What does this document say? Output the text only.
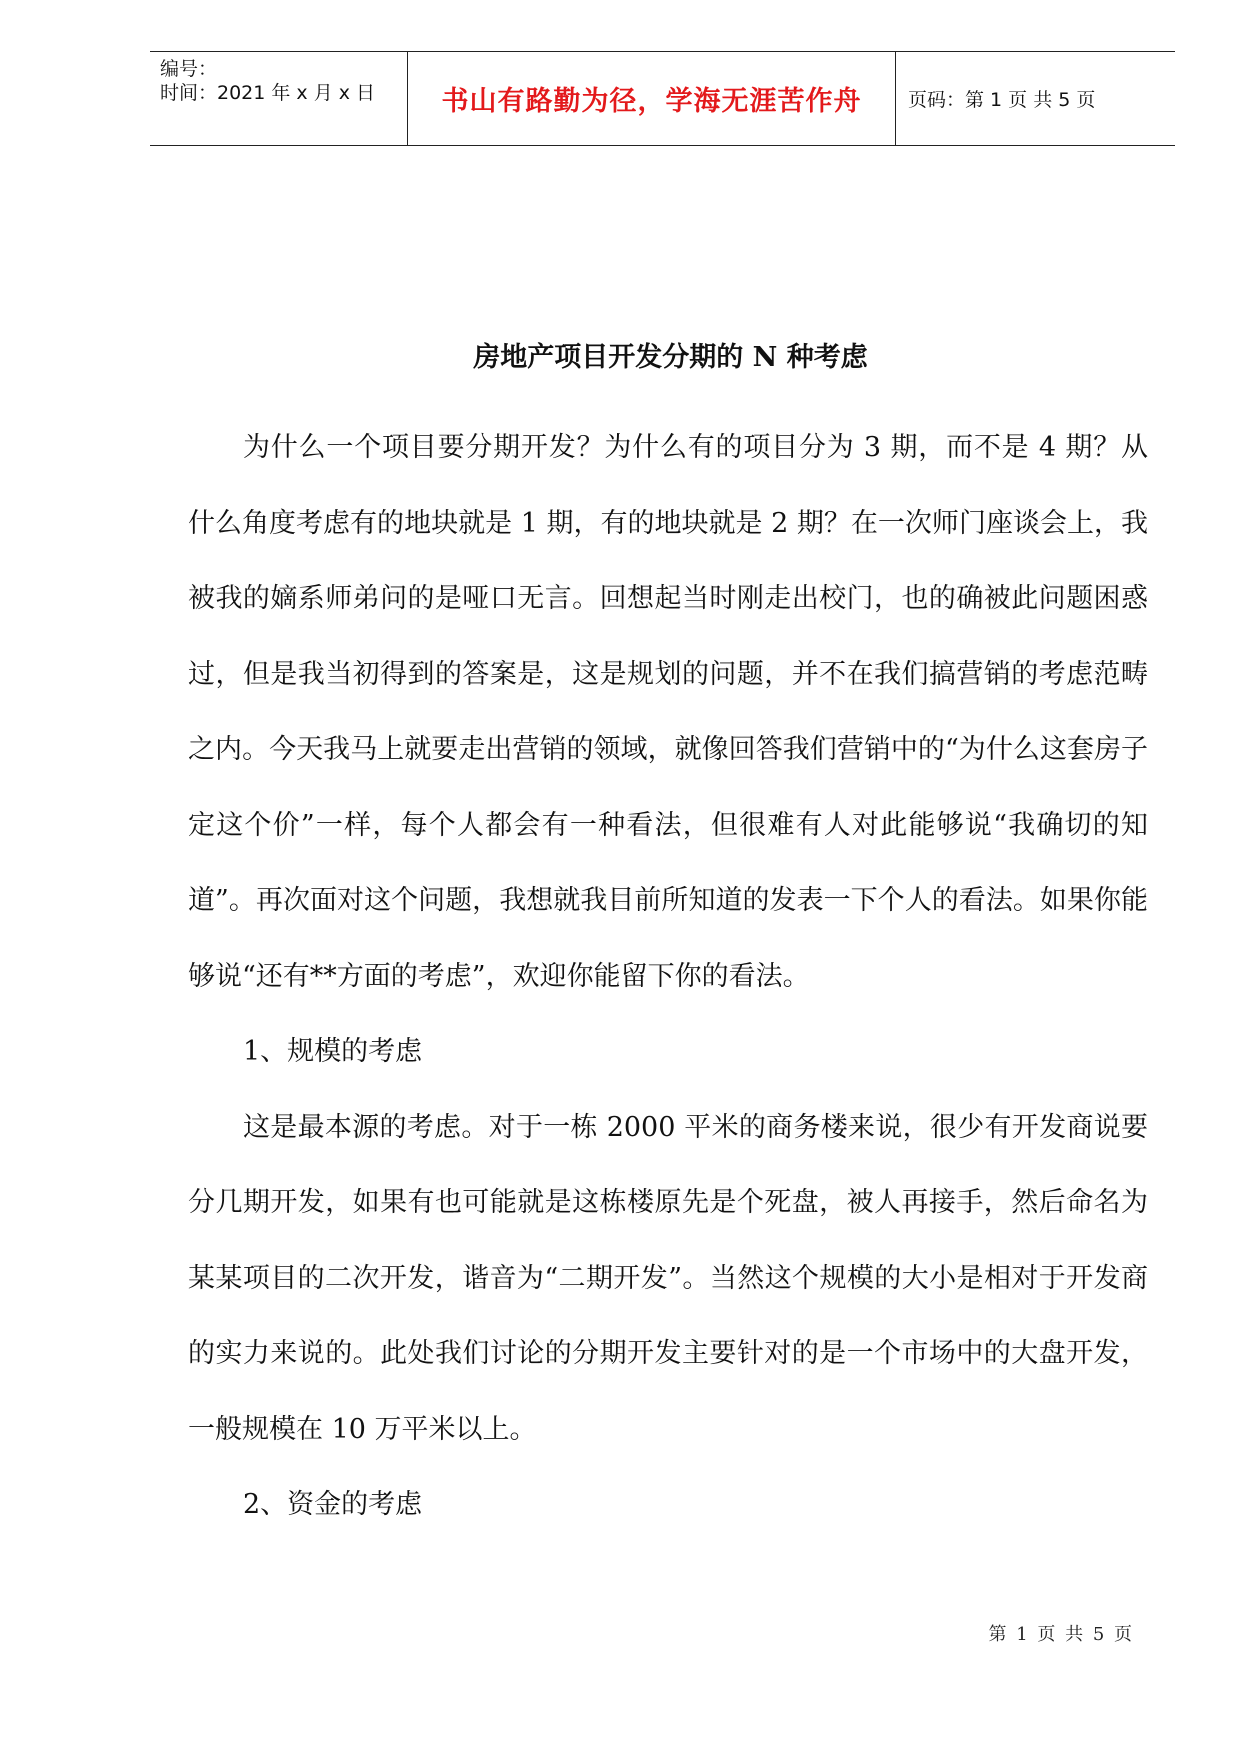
编号：
时间：2021 年 x 月 x 日	书山有路勤为径，学海无涯苦作舟	页码：第 1 页 共 5 页
房地产项目开发分期的 N 种考虑

为什么一个项目要分期开发？为什么有的项目分为 3 期，而不是 4 期？从什么角度考虑有的地块就是 1 期，有的地块就是 2 期？在一次师门座谈会上，我被我的嫡系师弟问的是哑口无言。回想起当时刚走出校门，也的确被此问题困惑过，但是我当初得到的答案是，这是规划的问题，并不在我们搞营销的考虑范畴之内。今天我马上就要走出营销的领域，就像回答我们营销中的“为什么这套房子定这个价”一样，每个人都会有一种看法，但很难有人对此能够说“我确切的知道”。再次面对这个问题，我想就我目前所知道的发表一下个人的看法。如果你能够说“还有**方面的考虑”，欢迎你能留下你的看法。

1、规模的考虑

这是最本源的考虑。对于一栋 2000 平米的商务楼来说，很少有开发商说要分几期开发，如果有也可能就是这栋楼原先是个死盘，被人再接手，然后命名为某某项目的二次开发，谐音为“二期开发”。当然这个规模的大小是相对于开发商的实力来说的。此处我们讨论的分期开发主要针对的是一个市场中的大盘开发，一般规模在 10 万平米以上。

2、资金的考虑

第 1 页 共 5 页
